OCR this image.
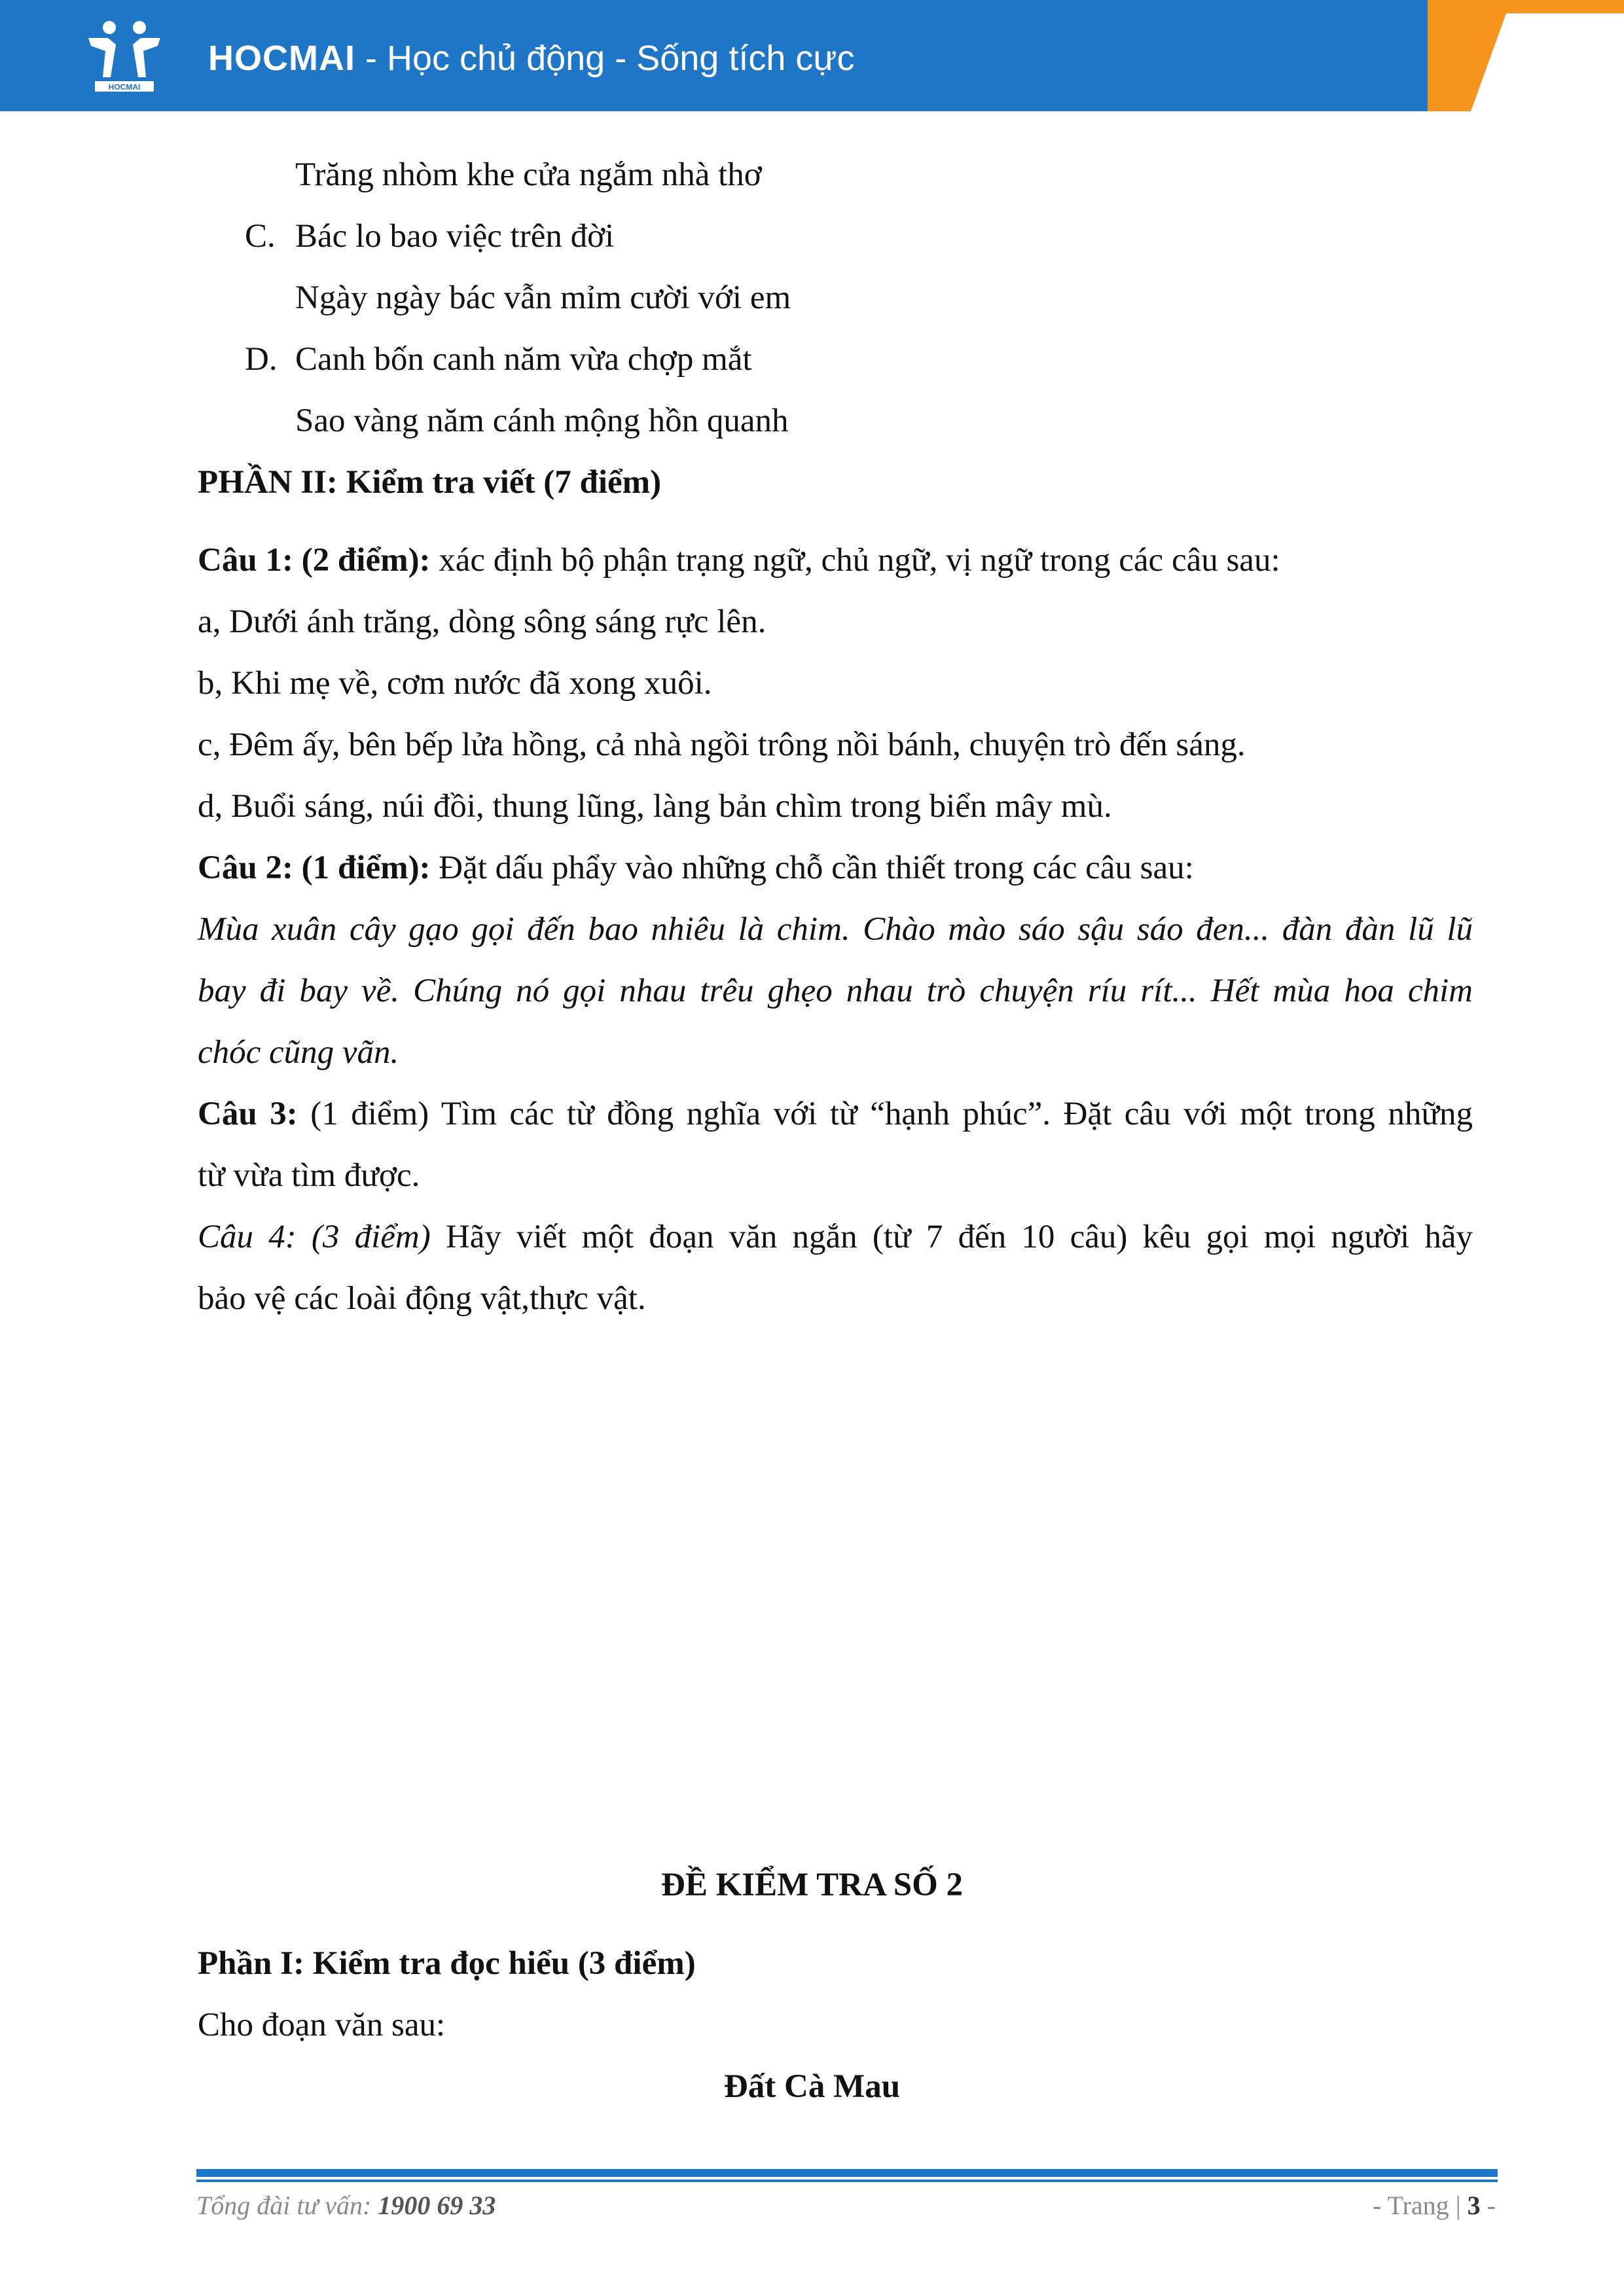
HOCMAI
HOCMAI - Học chủ động - Sống tích cực
Trăng nhòm khe cửa ngắm nhà thơ
C. Bác lo bao việc trên đời
Ngày ngày bác vẫn mỉm cười với em
D. Canh bốn canh năm vừa chợp mắt
Sao vàng năm cánh mộng hồn quanh
PHẦN II: Kiểm tra viết (7 điểm)
Câu 1: (2 điểm): xác định bộ phận trạng ngữ, chủ ngữ, vị ngữ trong các câu sau:
a, Dưới ánh trăng, dòng sông sáng rực lên.
b, Khi mẹ về, cơm nước đã xong xuôi.
c, Đêm ấy, bên bếp lửa hồng, cả nhà ngồi trông nồi bánh, chuyện trò đến sáng.
d, Buổi sáng, núi đồi, thung lũng, làng bản chìm trong biển mây mù.
Câu 2: (1 điểm): Đặt dấu phẩy vào những chỗ cần thiết trong các câu sau:
Mùa xuân cây gạo gọi đến bao nhiêu là chim. Chào mào sáo sậu sáo đen... đàn đàn lũ lũ
bay đi bay về. Chúng nó gọi nhau trêu ghẹo nhau trò chuyện ríu rít... Hết mùa hoa chim
chóc cũng vãn.
Câu 3: (1 điểm) Tìm các từ đồng nghĩa với từ “hạnh phúc”. Đặt câu với một trong những
từ vừa tìm được.
Câu 4: (3 điểm) Hãy viết một đoạn văn ngắn (từ 7 đến 10 câu) kêu gọi mọi người hãy
bảo vệ các loài động vật,thực vật.
ĐỀ KIỂM TRA SỐ 2
Phần I: Kiểm tra đọc hiểu (3 điểm)
Cho đoạn văn sau:
Đất Cà Mau
Tổng đài tư vấn: 1900 69 33	- Trang | 3 -
